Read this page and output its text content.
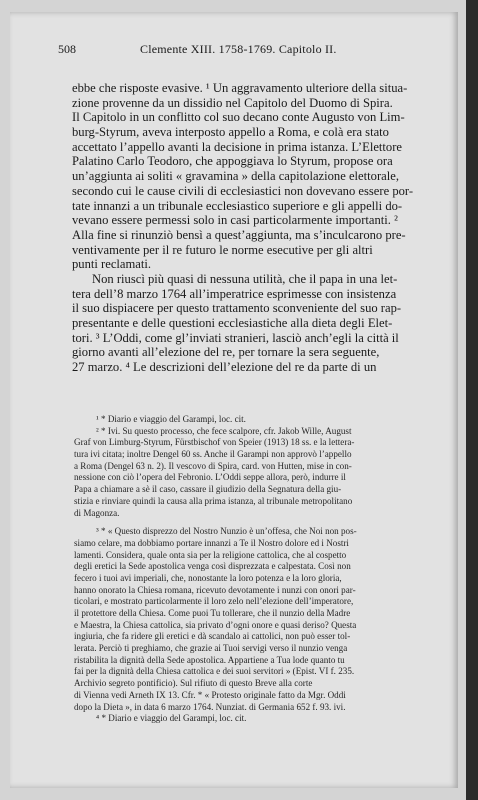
508	Clemente XIII. 1758-1769. Capitolo II.
ebbe che risposte evasive. ¹ Un aggravamento ulteriore della situa-
zione provenne da un dissidio nel Capitolo del Duomo di Spira.
Il Capitolo in un conflitto col suo decano conte Augusto von Lim-
burg-Styrum, aveva interposto appello a Roma, e colà era stato
accettato l’appello avanti la decisione in prima istanza. L’Elettore
Palatino Carlo Teodoro, che appoggiava lo Styrum, propose ora
un’aggiunta ai soliti « gravamina » della capitolazione elettorale,
secondo cui le cause civili di ecclesiastici non dovevano essere por-
tate innanzi a un tribunale ecclesiastico superiore e gli appelli do-
vevano essere permessi solo in casi particolarmente importanti. ²
Alla fine si rinunziò bensì a quest’aggiunta, ma s’inculcarono pre-
ventivamente per il re futuro le norme esecutive per gli altri
punti reclamati.
Non riuscì più quasi di nessuna utilità, che il papa in una let-
tera dell’8 marzo 1764 all’imperatrice esprimesse con insistenza
il suo dispiacere per questo trattamento sconveniente del suo rap-
presentante e delle questioni ecclesiastiche alla dieta degli Elet-
tori. ³ L’Oddi, come gl’inviati stranieri, lasciò anch’egli la città il
giorno avanti all’elezione del re, per tornare la sera seguente,
27 marzo. ⁴ Le descrizioni dell’elezione del re da parte di un
¹ * Diario e viaggio del Garampi, loc. cit.
² * Ivi. Su questo processo, che fece scalpore, cfr. Jakob Wille, August
Graf von Limburg-Styrum, Fürstbischof von Speier (1913) 18 ss. e la lettera-
tura ivi citata; inoltre Dengel 60 ss. Anche il Garampi non approvò l’appello
a Roma (Dengel 63 n. 2). Il vescovo di Spira, card. von Hutten, mise in con-
nessione con ciò l’opera del Febronio. L’Oddi seppe allora, però, indurre il
Papa a chiamare a sè il caso, cassare il giudizio della Segnatura della giu-
stizia e rinviare quindi la causa alla prima istanza, al tribunale metropolitano
di Magonza.
³ * « Questo disprezzo del Nostro Nunzio è un’offesa, che Noi non pos-
siamo celare, ma dobbiamo portare innanzi a Te il Nostro dolore ed i Nostri
lamenti. Considera, quale onta sia per la religione cattolica, che al cospetto
degli eretici la Sede apostolica venga così disprezzata e calpestata. Così non
fecero i tuoi avi imperiali, che, nonostante la loro potenza e la loro gloria,
hanno onorato la Chiesa romana, ricevuto devotamente i nunzi con onori par-
ticolari, e mostrato particolarmente il loro zelo nell’elezione dell’imperatore,
il protettore della Chiesa. Come puoi Tu tollerare, che il nunzio della Madre
e Maestra, la Chiesa cattolica, sia privato d’ogni onore e quasi deriso? Questa
ingiuria, che fa ridere gli eretici e dà scandalo ai cattolici, non può esser tol-
lerata. Perciò ti preghiamo, che grazie ai Tuoi servigi verso il nunzio venga
ristabilita la dignità della Sede apostolica. Appartiene a Tua lode quanto tu
fai per la dignità della Chiesa cattolica e dei suoi servitori » (Epist. VI f. 235.
Archivio segreto pontificio). Sul rifiuto di questo Breve alla corte
di Vienna vedi Arneth IX 13. Cfr. * « Protesto originale fatto da Mgr. Oddi
dopo la Dieta », in data 6 marzo 1764. Nunziat. di Germania 652 f. 93. ivi.
⁴ * Diario e viaggio del Garampi, loc. cit.
